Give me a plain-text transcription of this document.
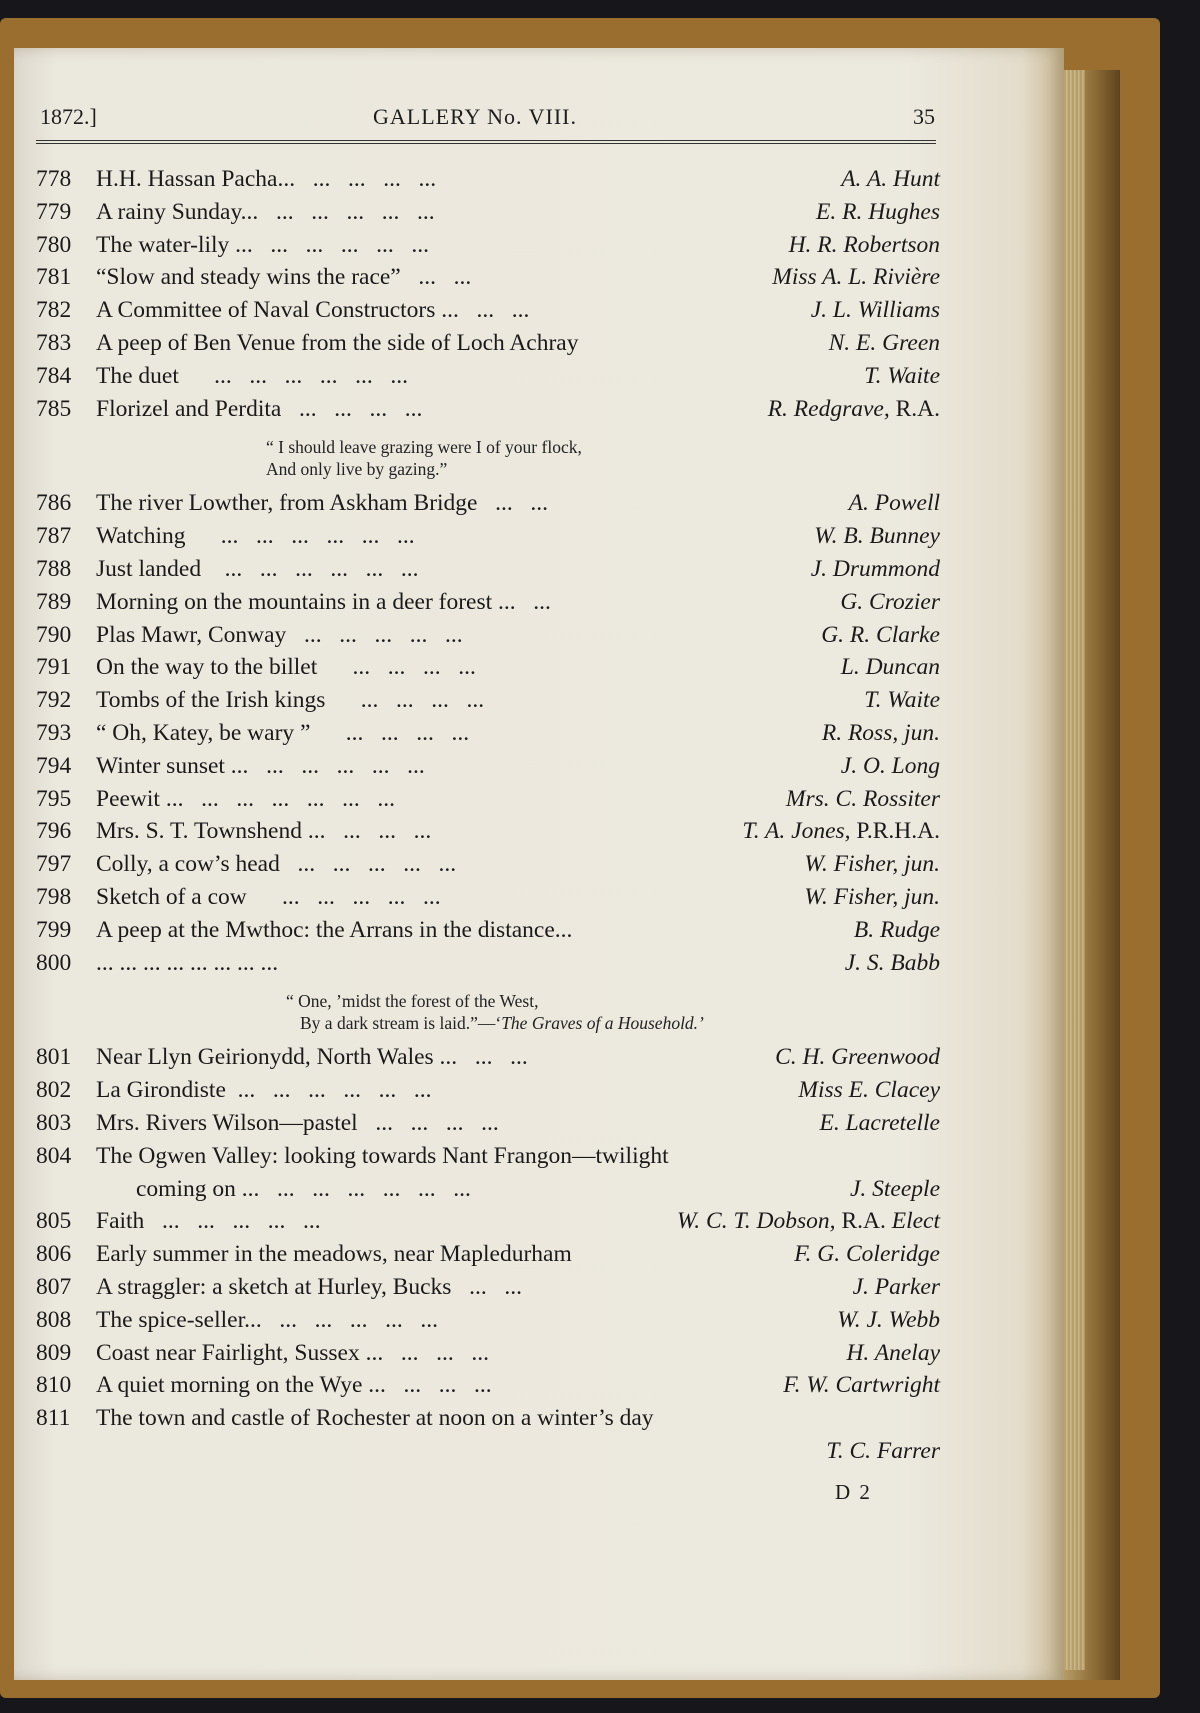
1872.]	GALLERY No. VIII.	35
778 H.H. Hassan Pacha...   ...   ...   ...   ...	A. A. Hunt
779 A rainy Sunday...   ...   ...   ...   ...   ...	E. R. Hughes
780 The water-lily ...   ...   ...   ...   ...   ...	H. R. Robertson
781 “Slow and steady wins the race”   ...   ...	Miss A. L. Rivière
782 A Committee of Naval Constructors ...   ...   ...	J. L. Williams
783 A peep of Ben Venue from the side of Loch Achray	N. E. Green
784 The duet      ...   ...   ...   ...   ...   ...	T. Waite
785 Florizel and Perdita   ...   ...   ...   ...	R. Redgrave, R.A.
“ I should leave grazing were I of your flock,
And only live by gazing.”
786 The river Lowther, from Askham Bridge   ...   ...	A. Powell
787 Watching      ...   ...   ...   ...   ...   ...	W. B. Bunney
788 Just landed    ...   ...   ...   ...   ...   ...	J. Drummond
789 Morning on the mountains in a deer forest ...   ...	G. Crozier
790 Plas Mawr, Conway   ...   ...   ...   ...   ...	G. R. Clarke
791 On the way to the billet      ...   ...   ...   ...	L. Duncan
792 Tombs of the Irish kings      ...   ...   ...   ...	T. Waite
793 “ Oh, Katey, be wary ”      ...   ...   ...   ...	R. Ross, jun.
794 Winter sunset ...   ...   ...   ...   ...   ...	J. O. Long
795 Peewit ...   ...   ...   ...   ...   ...   ...	Mrs. C. Rossiter
796 Mrs. S. T. Townshend ...   ...   ...   ...	T. A. Jones, P.R.H.A.
797 Colly, a cow’s head   ...   ...   ...   ...   ...	W. Fisher, jun.
798 Sketch of a cow      ...   ...   ...   ...   ...	W. Fisher, jun.
799 A peep at the Mwthoc: the Arrans in the distance...	B. Rudge
800 ... ... ... ... ... ... ... ...	J. S. Babb
“ One, ’midst the forest of the West,
By a dark stream is laid.”—‘The Graves of a Household.’
801 Near Llyn Geirionydd, North Wales ...   ...   ...	C. H. Greenwood
802 La Girondiste  ...   ...   ...   ...   ...   ...	Miss E. Clacey
803 Mrs. Rivers Wilson—pastel   ...   ...   ...   ...	E. Lacretelle
804 The Ogwen Valley: looking towards Nant Frangon—twilight
coming on ...   ...   ...   ...   ...   ...   ...	J. Steeple
805 Faith   ...   ...   ...   ...   ...	W. C. T. Dobson, R.A. Elect
806 Early summer in the meadows, near Mapledurham	F. G. Coleridge
807 A straggler: a sketch at Hurley, Bucks   ...   ...	J. Parker
808 The spice-seller...   ...   ...   ...   ...   ...	W. J. Webb
809 Coast near Fairlight, Sussex ...   ...   ...   ...	H. Anelay
810 A quiet morning on the Wye ...   ...   ...   ...	F. W. Cartwright
811 The town and castle of Rochester at noon on a winter’s day
T. C. Farrer
D 2
